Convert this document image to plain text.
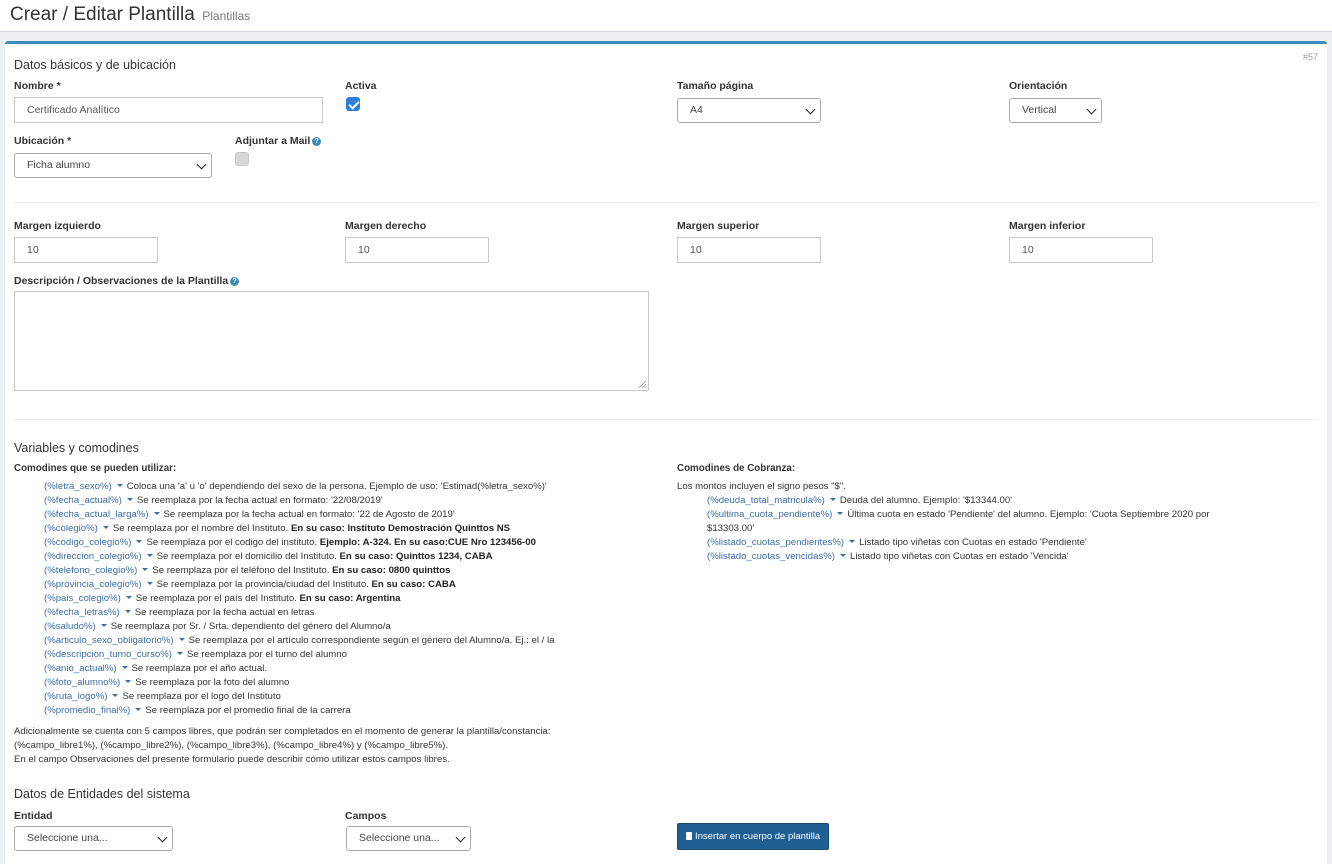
Crear / Editar Plantilla Plantillas
#57
Datos básicos y de ubicación
Nombre *
Certificado Analítico
Activa	Tamaño página
A4
Orientación
Vertical
Ubicación *
Ficha alumno
Adjuntar a Mail ?
Margen izquierdo
10
Margen derecho
10
Margen superior
10
Margen inferior
10
Descripción / Observaciones de la Plantilla ?
Variables y comodines
Comodines que se pueden utilizar:
(%letra_sexo%) Coloca una 'a' u 'o' dependiendo del sexo de la persona. Ejemplo de uso: 'Estimad(%letra_sexo%)'
(%fecha_actual%) Se reemplaza por la fecha actual en formato: '22/08/2019'
(%fecha_actual_larga%) Se reemplaza por la fecha actual en formato: '22 de Agosto de 2019'
(%colegio%) Se reemplaza por el nombre del Instituto. En su caso: Instituto Demostración Quinttos NS
(%codigo_colegio%) Se reemplaza por el codigo del instituto. Ejemplo: A-324. En su caso:CUE Nro 123456-00
(%direccion_colegio%) Se reemplaza por el domicilio del Instituto. En su caso: Quinttos 1234, CABA
(%telefono_colegio%) Se reemplaza por el teléfono del Instituto. En su caso: 0800 quinttos
(%provincia_colegio%) Se reemplaza por la provincia/ciudad del Instituto. En su caso: CABA
(%pais_colegio%) Se reemplaza por el país del Instituto. En su caso: Argentina
(%fecha_letras%) Se reemplaza por la fecha actual en letras
(%saludo%) Se reemplaza por Sr. / Srta. dependiento del género del Alumno/a
(%articulo_sexo_obligatorio%) Se reemplaza por el artículo correspondiente según el género del Alumno/a. Ej.: el / la
(%descripcion_turno_curso%) Se reemplaza por el turno del alumno
(%anio_actual%) Se reemplaza por el año actual.
(%foto_alumno%) Se reemplaza por la foto del alumno
(%ruta_logo%) Se reemplaza por el logo del Instituto
(%promedio_final%) Se reemplaza por el promedio final de la carrera
Adicionalmente se cuenta con 5 campos libres, que podrán ser completados en el momento de generar la plantilla/constancia:
(%campo_libre1%), (%campo_libre2%), (%campo_libre3%), (%campo_libre4%) y (%campo_libre5%).
En el campo Observaciones del presente formulario puede describir cómo utilizar estos campos libres.
Comodines de Cobranza:
Los montos incluyen el signo pesos "$".
(%deuda_total_matricula%) Deuda del alumno. Ejemplo: '$13344.00'
(%ultima_cuota_pendiente%) Última cuota en estado 'Pendiente' del alumno. Ejemplo: 'Cuota Septiembre 2020 por
$13303.00'
(%listado_cuotas_pendientes%) Listado tipo viñetas con Cuotas en estado 'Pendiente'
(%listado_cuotas_vencidas%) Listado tipo viñetas con Cuotas en estado 'Vencida'
Datos de Entidades del sistema
Entidad
Seleccione una...
Campos
Seleccione una...	Insertar en cuerpo de plantilla
